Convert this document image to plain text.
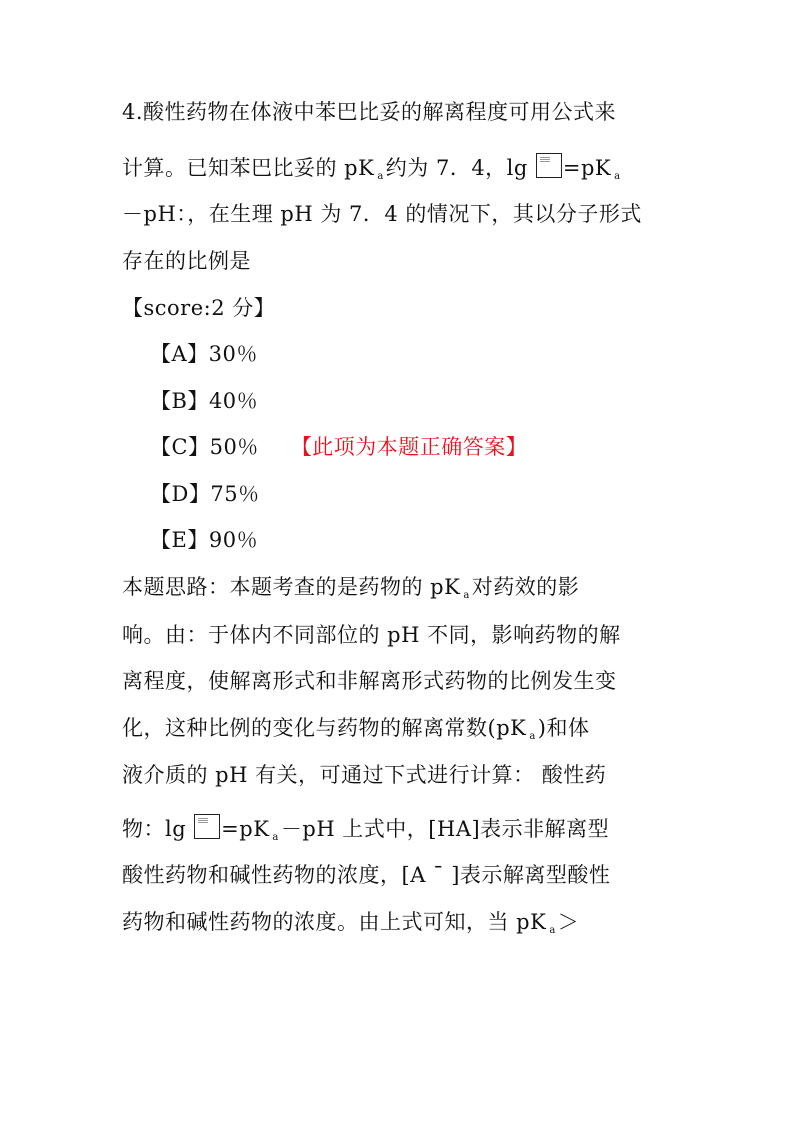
4.酸性药物在体液中苯巴比妥的解离程度可用公式来
计算。已知苯巴比妥的 pK $_a$约为 7．4，lg =pK $_a$
－pH：，在生理 pH 为 7．4 的情况下，其以分子形式
存在的比例是
【score:2 分】
【A】30％
【B】40％
【C】50％ 【此项为本题正确答案】
【D】75％
【E】90％
本题思路：本题考查的是药物的 pK $_a$对药效的影
响。由：于体内不同部位的 pH 不同，影响药物的解
离程度，使解离形式和非解离形式药物的比例发生变
化，这种比例的变化与药物的解离常数(pK $_a$)和体
液介质的 pH 有关，可通过下式进行计算： 酸性药
物：lg =pK $_a$－pH 上式中，[HA]表示非解离型
酸性药物和碱性药物的浓度，[A ¯ ]表示解离型酸性
药物和碱性药物的浓度。由上式可知，当 pK $_a$＞
